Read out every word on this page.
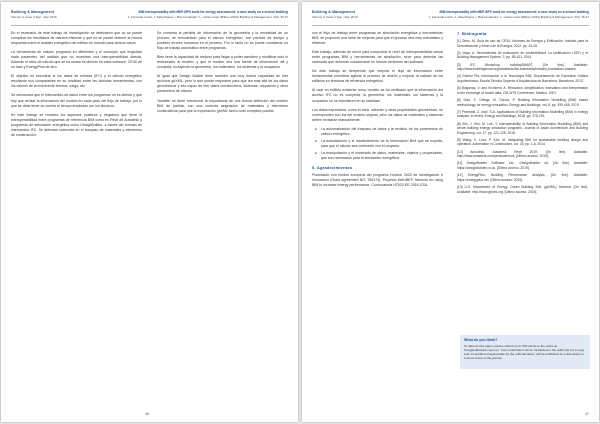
Building & Management
Volume 3, Issue 3 Sep - Dec 2019
BIM interoperability with MEP-BPS tools for energy assessment: a case study on a school building
J. Ferrando-Lorda, J. Sala-Pujana, I. Bas-Fernández, L. Lázaro-Juan (Bilbao (2019) Building & Management. 3(3): 36-47

En el escenario de este trabajo de investigación se detectaron que no se puede comparar los resultados de manera eficiente y que no se puede obtener la misma respuesta sobre el análisis energético del edificio en estudio para ambos casos.

La herramienta de cálculo programa en diferentes y el concepto que engloban cada parámetro del análisis que no muestran una interoperabilidad directa. Además el valor de cálculo que se ha usado es distinto en cada software, CE3X de un lado y EnergyPlus de otro.

El objetivo es encontrar si los datos de entrada (IFC) y el cálculo energético resultante son comparables en su totalidad entre las distintas herramientas, con los valores de la envolvente térmica, carga, etc.

Se demuestra que el intercambio de datos entre los programas no es directo y que hay que revisar la información del modelo en cada paso del flujo de trabajo, por lo que se debe tener en cuenta el tiempo empleado por los técnicos.

En este trabajo se muestra los aspectos positivos y negativos que tiene la interoperabilidad entre programas de referencia BIM como es Revit de Autodesk y programas de simulación energética como DesignBuilder, a través del formato de intercambio IFC. Se detectan carencias en el traspaso de materiales y elementos de construcción.

Se comenta la pérdida de información de la geometría y la necesidad de un proceso de remodelado para el cálculo energético, con pérdida de tiempo y posibles errores humanos en el proceso. Por lo tanto no se puede considerar un flujo de trabajo automático entre programas.

Bien tiene la capacidad de mejorar para llegar a poder transferir y modificar todo lo relacionado al modelo, y que el modelo sea una fuente de información útil y completa, incluyendo la geometría, los materiales, los sistemas y la ocupación.

Al igual que Design Builder tiene también una muy buena capacidad de leer archivos gbXML, pero lo que puede mejorarse para que lea más allá de los datos geométricos y sea capaz de leer datos constructivos, sistemas, ocupación y otros parámetros de cálculo.

También se debe mencionar la importancia de una buena definición del modelo BIM de partida, con una correcta asignación de materiales y elementos constructivos para que la exportación gbXML sea lo más completa posible.

46
Building & Management
Volume 3, Issue 3 Sep - Dec 2019
BIM interoperability with MEP-BPS tools for energy assessment: a case study on a school building
J. Ferrando-Lorda, J. Sala-Pujana, I. Bas-Fernández, L. Lázaro-Juan (Bilbao (2019) Building & Management. 3(3): 36-47

con el flujo de trabajo entre programas de simulación energética y herramientas BIM, se proponen una serie de mejoras para que el proceso sea más automático y eficiente.

Este trabajo, además de servir para comprobar el nivel de interoperabilidad actual entre programas BIM y herramientas de simulación, sirve para detectar las carencias que deberían solucionarse en futuras versiones del software.

De este trabajo se desprende que mejorar el flujo de información entre herramientas permitiría agilizar el proceso de diseño y mejorar la calidad de los edificios en términos de eficiencia energética.

Al usar un edificio existente como modelo se ha verificado que la información del archivo IFC no es completa: la geometría, los materiales, los sistemas y la ocupación no se transfieren en su totalidad.

Los datos exportados, como el área, volumen y otras propiedades geométricas, se corresponden con los del modelo original, pero los datos de materiales y sistemas deben revisarse manualmente.

■ La automatización del traspaso de datos y la revisión de los parámetros de cálculo energético.
■ La actualización y el mantenimiento de la información BIM que se exporta, para que el cálculo sea coherente con el proyecto.
■ La manipulación y el modelado de datos, materiales, objetos y propiedades, que son necesarios para la simulación energética.
6. Agradecimientos

Financiado con fondos europeos del programa Horizon 2020 de investigación e innovación (Grant agreement NO. 754174). Proyecto NetUBEP, Network for using BIM to increase energy performance. Convocatoria H2020-EE-2016-CSA.

7. Bibliografía
[1] Olmo, M. Guía de uso de CE3X, Informes de Energía y Edificación, Instituto para la Diversificación y Ahorro de la Energía, 2012, pp. 24-28.
[2] Vega, A. Herramientas de evaluación de sostenibilidad: La certificación LEED y el Building Management System, 2, pp. 89-101, 2014.
[3] IFC Workshop, buildingSMART, [On line]. Available: http://www.buildingsmart.org/standards/bsi-standards/industry-foundation-classes.
[4] Gómez Pla, Introducción a la Tecnología BIM, Departamento de Expresión Gráfica Arquitectónica, Escola Tècnica Superior d'Arquitectura de Barcelona, Barcelona, 2013.
[5] Bazjanac, V. and Kiviniemi, A. Reduction, simplification, translation and interpretation in the exchange of model data, CIB W78 Conference, Maribor, 2007.
[6] Sola, S. Ortega, M. Ochoa, P. Building Information Modelling (BIM) based methodology for energy simulation, Energy and Buildings, vol. 8, pp. 399-408, 2019.
[7] Pezeshki, Z. Ivari, S.A. Applications of Building Information Modelling (BIM) in energy analysis: a review, Energy and Buildings, 2018, pp. 278-291.
[8] Kim, J. Kim, M. Lee, Y. Interoperability of Building Information Modelling (BIM) and whole building energy simulation programs, Journal of Asian Architecture and Building Engineering, vol. 17, pp. 121-128, 2018.
[9] Wang, X. Love, P. Kim, M. Integrating BIM for sustainable building design and operation, Automation in Construction, vol. 34, pp. 1-8, 2014.
[10] Autodesk, Autodesk Revit 2019, [On line]. Available: http://www.autodesk.com/products/revit, [Último acceso: 2019].
[11] DesignBuilder Software Ltd., DesignBuilder v6, [On line]. Available: https://designbuilder.co.uk, [Último acceso: 2019].
[12] EnergyPlus, Building Performance Analysis, [On line]. Available: https://energyplus.net, [Último acceso: 2019].
[13] U.S. Department of Energy, Green Building XML (gbXML) Schema, [On line]. Available: http://www.gbxml.org, [Último acceso: 2019].
What do you think?
To discuss this paper, please submit up to 500 words to the editor at bma@edificacion.upm.es. Your contribution will be forwarded to the author(s) for a reply and, if considered appropriate by the editorial panel, will be published as a discussion in a future issue of the journal.
47
